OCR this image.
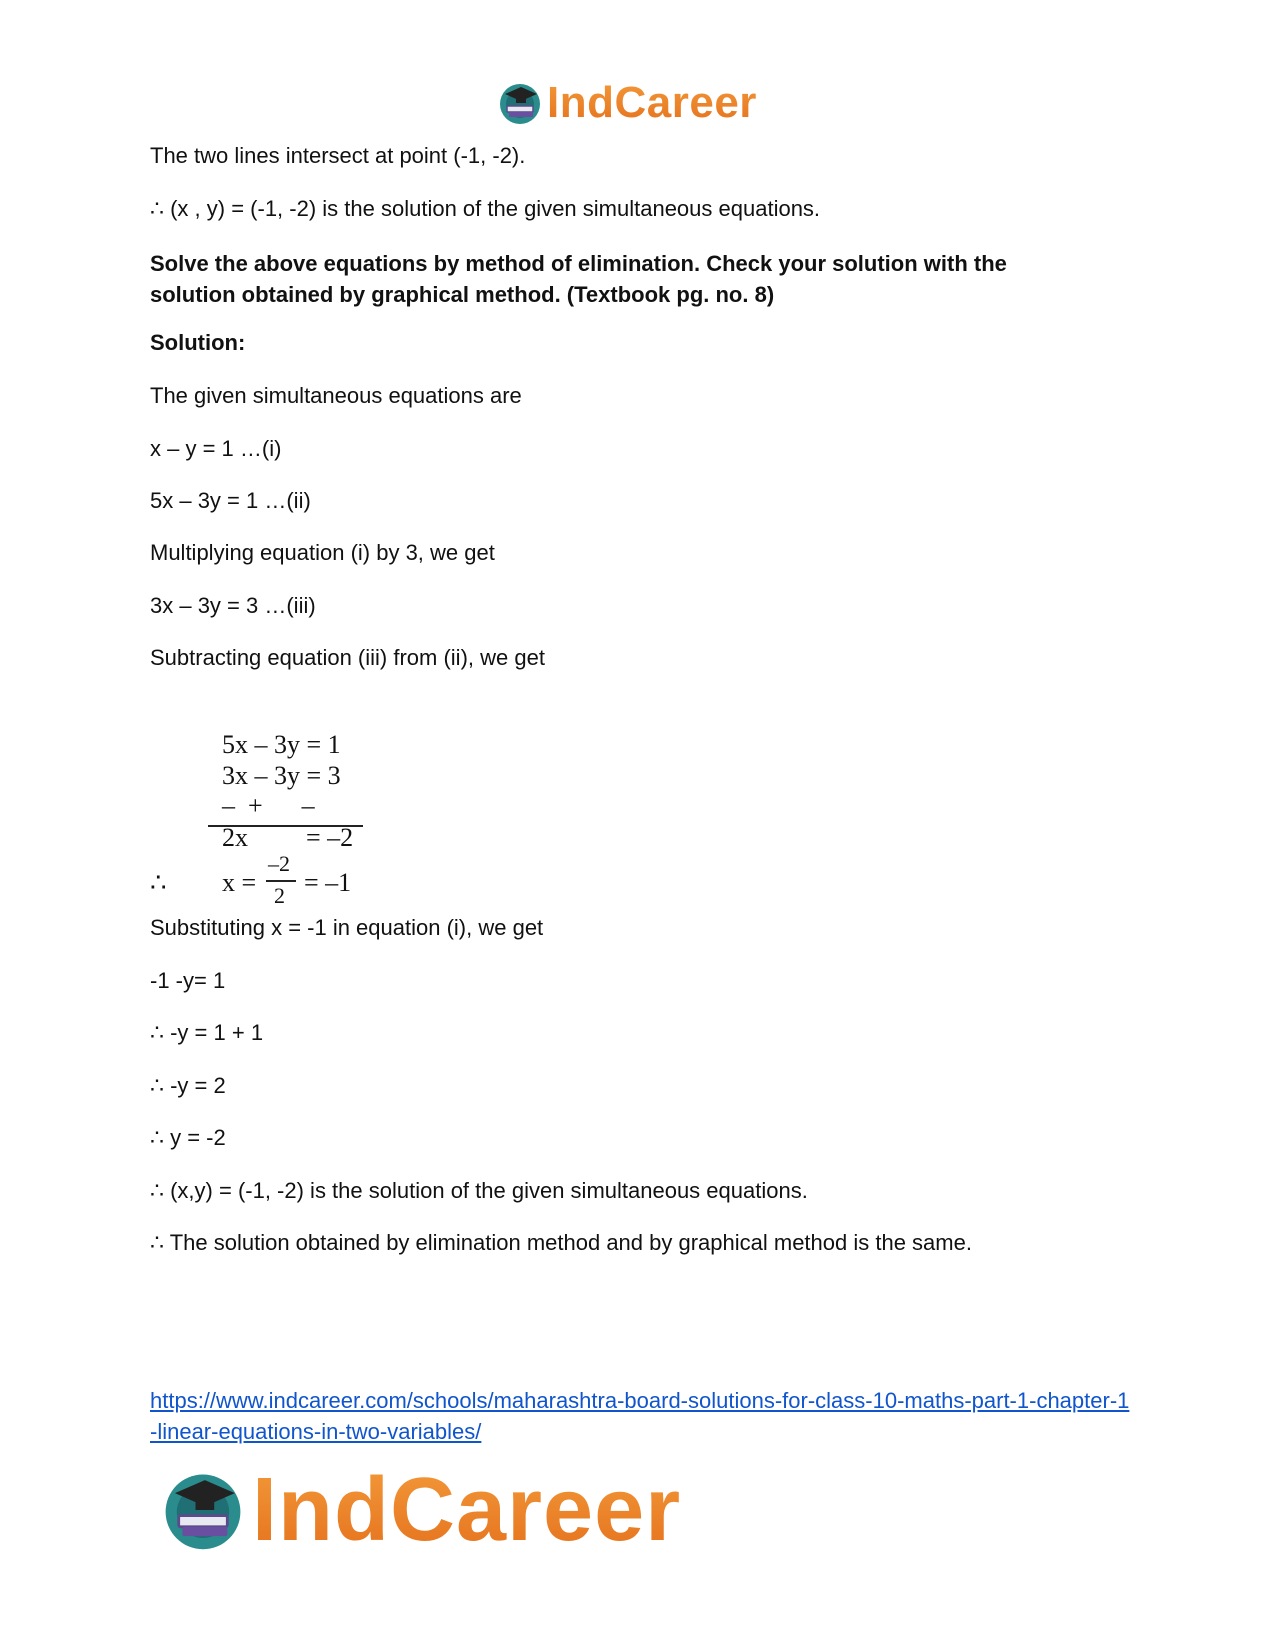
IndCareer
The two lines intersect at point (-1, -2).
∴ (x , y) = (-1, -2) is the solution of the given simultaneous equations.
Solve the above equations by method of elimination. Check your solution with the solution obtained by graphical method. (Textbook pg. no. 8)
Solution:
The given simultaneous equations are
x – y = 1 …(i)
5x – 3y = 1 …(ii)
Multiplying equation (i) by 3, we get
3x – 3y = 3 …(iii)
Subtracting equation (iii) from (ii), we get
Substituting x = -1 in equation (i), we get
-1 -y= 1
∴ -y = 1 + 1
∴ -y = 2
∴ y = -2
∴ (x,y) = (-1, -2) is the solution of the given simultaneous equations.
∴ The solution obtained by elimination method and by graphical method is the same.
5x – 3y = 1
3x – 3y = 3
–  +      –
2x = –2
∴ x =
–2
2 = –1
https://www.indcareer.com/schools/maharashtra-board-solutions-for-class-10-maths-part-1-chapter-1-linear-equations-in-two-variables/
IndCareer
